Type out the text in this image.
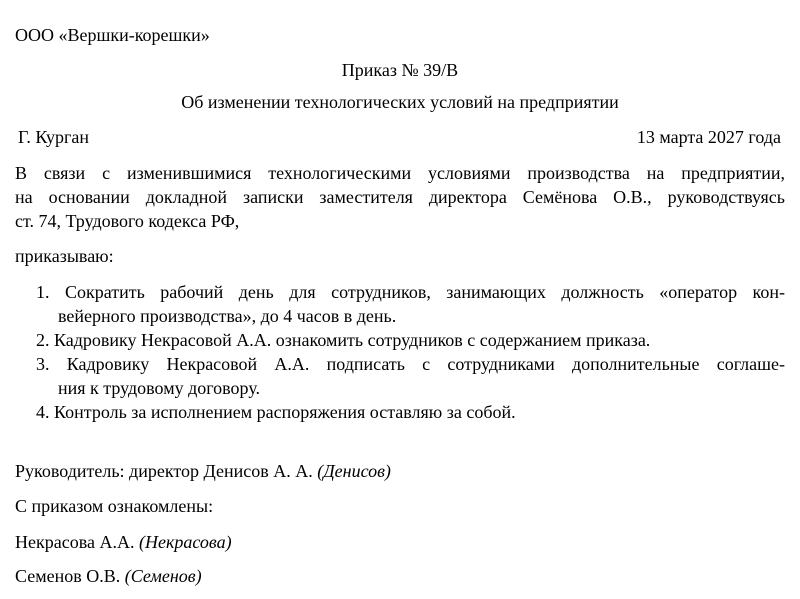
ООО «Вершки-корешки»
Приказ № 39/В
Об изменении технологических условий на предприятии
Г. Курган	13 марта 2027 года
В связи с изменившимися технологическими условиями производства на предприятии,
на основании докладной записки заместителя директора Семёнова О.В., руководствуясь
ст. 74, Трудового кодекса РФ,
приказываю:
1. Сократить рабочий день для сотрудников, занимающих должность «оператор кон-
вейерного производства», до 4 часов в день.
2. Кадровику Некрасовой А.А. ознакомить сотрудников с содержанием приказа.
3. Кадровику Некрасовой А.А. подписать с сотрудниками дополнительные соглаше-
ния к трудовому договору.
4. Контроль за исполнением распоряжения оставляю за собой.
Руководитель: директор Денисов А. А. (Денисов)
С приказом ознакомлены:
Некрасова А.А. (Некрасова)
Семенов О.В. (Семенов)
